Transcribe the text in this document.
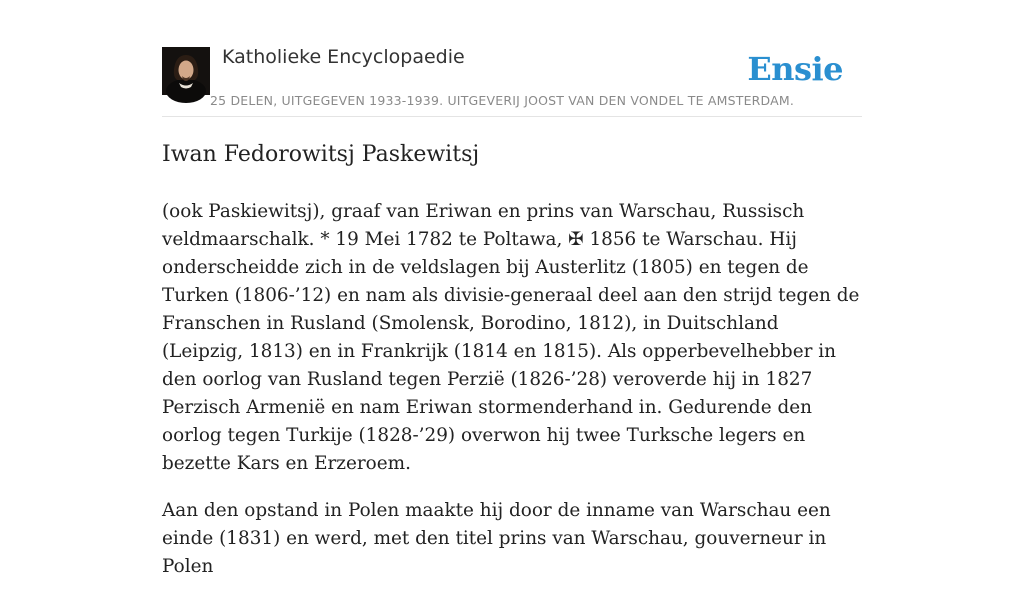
Katholieke Encyclopaedie
25 DELEN, UITGEGEVEN 1933-1939. UITGEVERIJ JOOST VAN DEN VONDEL TE AMSTERDAM.
Ensie
Iwan Fedorowitsj Paskewitsj

(ook Paskiewitsj), graaf van Eriwan en prins van Warschau, Russisch veldmaarschalk. * 19 Mei 1782 te Poltawa, ✠ 1856 te Warschau. Hij onderscheidde zich in de veldslagen bij Austerlitz (1805) en tegen de Turken (1806-’12) en nam als divisie-generaal deel aan den strijd tegen de Franschen in Rusland (Smolensk, Borodino, 1812), in Duitschland (Leipzig, 1813) en in Frankrijk (1814 en 1815). Als opperbevelhebber in den oorlog van Rusland tegen Perzië (1826-’28) veroverde hij in 1827 Perzisch Armenië en nam Eriwan stormenderhand in. Gedurende den oorlog tegen Turkije (1828-’29) overwon hij twee Turksche legers en bezette Kars en Erzeroem.

Aan den opstand in Polen maakte hij door de inname van Warschau een einde (1831) en werd, met den titel prins van Warschau, gouverneur in Polen
